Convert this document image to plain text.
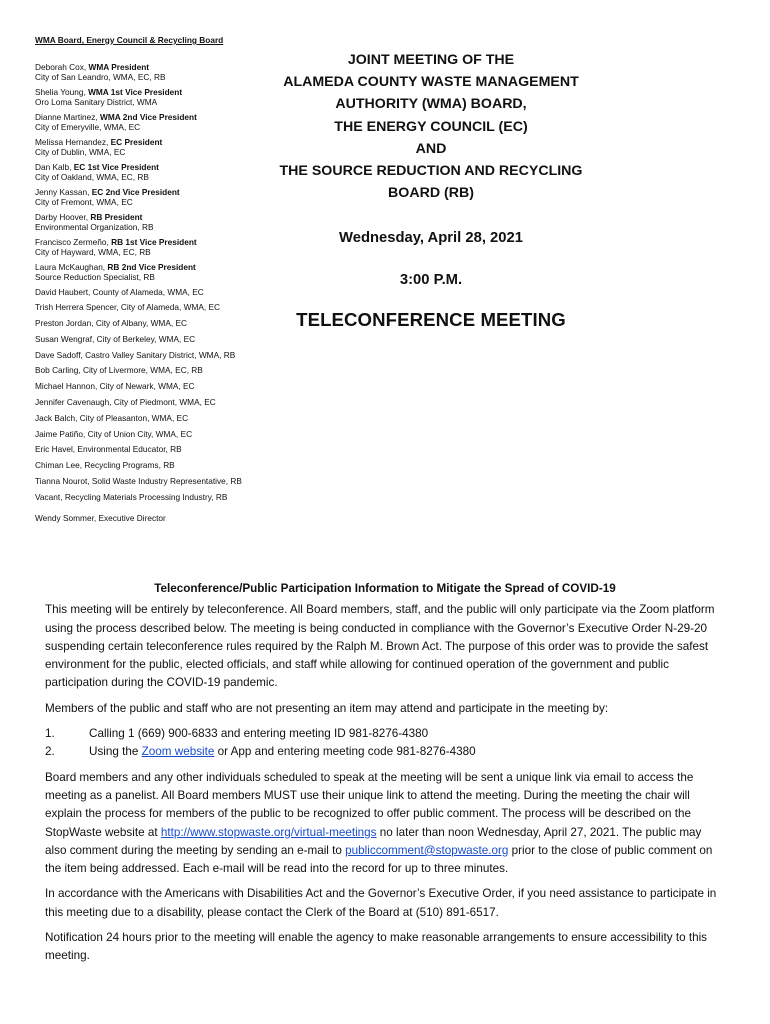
WMA Board, Energy Council & Recycling Board
Deborah Cox, WMA President
City of San Leandro, WMA, EC, RB
Shelia Young, WMA 1st Vice President
Oro Loma Sanitary District, WMA
Dianne Martinez, WMA 2nd Vice President
City of Emeryville, WMA, EC
Melissa Hernandez, EC President
City of Dublin, WMA, EC
Dan Kalb, EC 1st Vice President
City of Oakland, WMA, EC, RB
Jenny Kassan, EC 2nd Vice President
City of Fremont, WMA, EC
Darby Hoover, RB President
Environmental Organization, RB
Francisco Zermeño, RB 1st Vice President
City of Hayward, WMA, EC, RB
Laura McKaughan, RB 2nd Vice President
Source Reduction Specialist, RB
David Haubert, County of Alameda, WMA, EC
Trish Herrera Spencer, City of Alameda, WMA, EC
Preston Jordan, City of Albany, WMA, EC
Susan Wengraf, City of Berkeley, WMA, EC
Dave Sadoff, Castro Valley Sanitary District, WMA, RB
Bob Carling, City of Livermore, WMA, EC, RB
Michael Hannon, City of Newark, WMA, EC
Jennifer Cavenaugh, City of Piedmont, WMA, EC
Jack Balch, City of Pleasanton, WMA, EC
Jaime Patiño, City of Union City, WMA, EC
Eric Havel, Environmental Educator, RB
Chiman Lee, Recycling Programs, RB
Tianna Nourot, Solid Waste Industry Representative, RB
Vacant, Recycling Materials Processing Industry, RB
Wendy Sommer, Executive Director
JOINT MEETING OF THE
ALAMEDA COUNTY WASTE MANAGEMENT
AUTHORITY (WMA) BOARD,
THE ENERGY COUNCIL (EC)
AND
THE SOURCE REDUCTION AND RECYCLING
BOARD (RB)
Wednesday, April 28, 2021
3:00 P.M.
TELECONFERENCE MEETING
Teleconference/Public Participation Information to Mitigate the Spread of COVID-19

This meeting will be entirely by teleconference. All Board members, staff, and the public will only participate via the Zoom platform using the process described below. The meeting is being conducted in compliance with the Governor’s Executive Order N-29-20 suspending certain teleconference rules required by the Ralph M. Brown Act. The purpose of this order was to provide the safest environment for the public, elected officials, and staff while allowing for continued operation of the government and public participation during the COVID-19 pandemic.

Members of the public and staff who are not presenting an item may attend and participate in the meeting by:

1.	Calling 1 (669) 900-6833 and entering meeting ID 981-8276-4380
2.	Using the Zoom website or App and entering meeting code 981-8276-4380

Board members and any other individuals scheduled to speak at the meeting will be sent a unique link via email to access the meeting as a panelist. All Board members MUST use their unique link to attend the meeting. During the meeting the chair will explain the process for members of the public to be recognized to offer public comment. The process will be described on the StopWaste website at http://www.stopwaste.org/virtual-meetings no later than noon Wednesday, April 27, 2021. The public may also comment during the meeting by sending an e-mail to publiccomment@stopwaste.org prior to the close of public comment on the item being addressed. Each e-mail will be read into the record for up to three minutes.

In accordance with the Americans with Disabilities Act and the Governor’s Executive Order, if you need assistance to participate in this meeting due to a disability, please contact the Clerk of the Board at (510) 891-6517.

Notification 24 hours prior to the meeting will enable the agency to make reasonable arrangements to ensure accessibility to this meeting.
